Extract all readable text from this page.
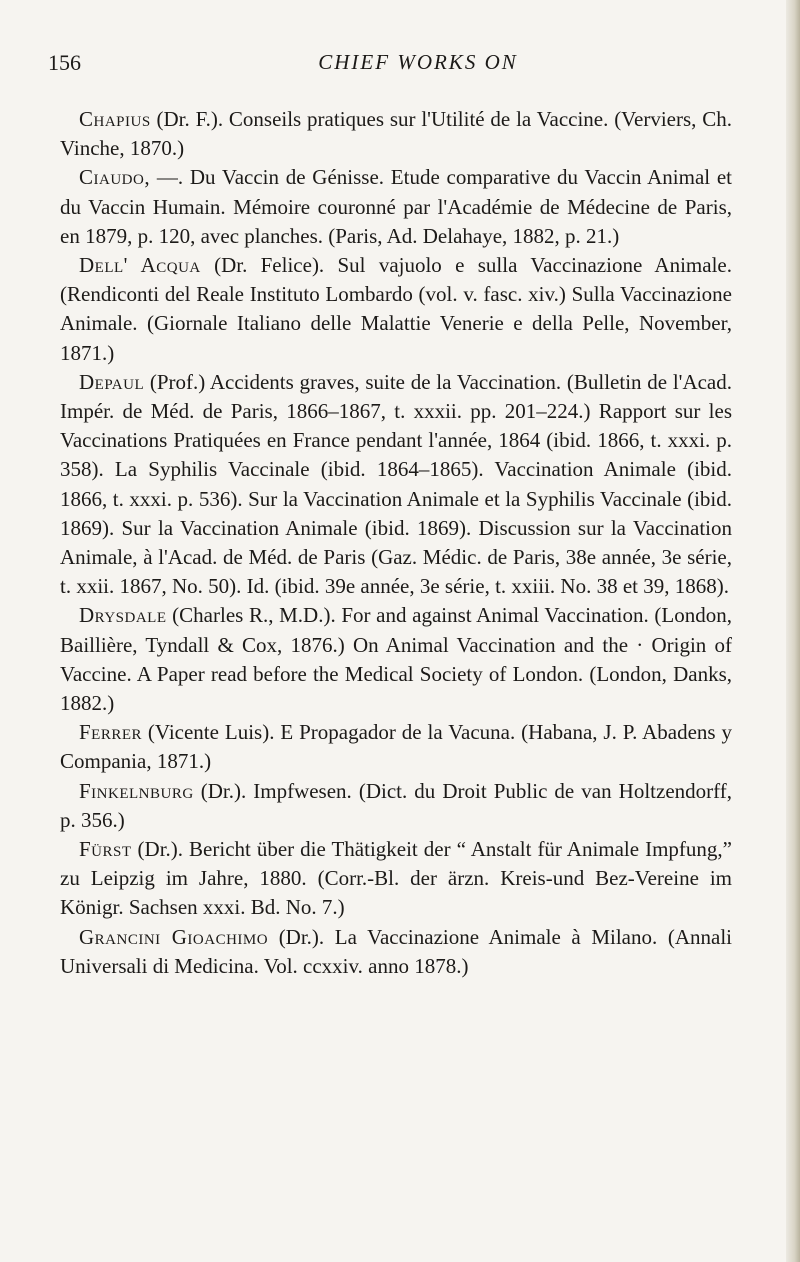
156	CHIEF WORKS ON

Chapius (Dr. F.). Conseils pratiques sur l'Utilité de la Vaccine. (Verviers, Ch. Vinche, 1870.)

Ciaudo, —. Du Vaccin de Génisse. Etude comparative du Vaccin Animal et du Vaccin Humain. Mémoire couronné par l'Académie de Médecine de Paris, en 1879, p. 120, avec planches. (Paris, Ad. Delahaye, 1882, p. 21.)

Dell' Acqua (Dr. Felice). Sul vajuolo e sulla Vaccinazione Animale. (Rendiconti del Reale Instituto Lombardo (vol. v. fasc. xiv.) Sulla Vaccinazione Animale. (Giornale Italiano delle Malattie Venerie e della Pelle, November, 1871.)

Depaul (Prof.) Accidents graves, suite de la Vaccination. (Bulletin de l'Acad. Impér. de Méd. de Paris, 1866–1867, t. xxxii. pp. 201–224.) Rapport sur les Vaccinations Pratiquées en France pendant l'année, 1864 (ibid. 1866, t. xxxi. p. 358). La Syphilis Vaccinale (ibid. 1864–1865). Vaccination Animale (ibid. 1866, t. xxxi. p. 536). Sur la Vaccination Animale et la Syphilis Vaccinale (ibid. 1869). Sur la Vaccination Animale (ibid. 1869). Discussion sur la Vaccination Animale, à l'Acad. de Méd. de Paris (Gaz. Médic. de Paris, 38e année, 3e série, t. xxii. 1867, No. 50). Id. (ibid. 39e année, 3e série, t. xxiii. No. 38 et 39, 1868).

Drysdale (Charles R., M.D.). For and against Animal Vaccination. (London, Baillière, Tyndall & Cox, 1876.) On Animal Vaccination and the · Origin of Vaccine. A Paper read before the Medical Society of London. (London, Danks, 1882.)

Ferrer (Vicente Luis). E Propagador de la Vacuna. (Habana, J. P. Abadens y Compania, 1871.)

Finkelnburg (Dr.). Impfwesen. (Dict. du Droit Public de van Holtzendorff, p. 356.)

Fürst (Dr.). Bericht über die Thätigkeit der “ Anstalt für Animale Impfung,” zu Leipzig im Jahre, 1880. (Corr.-Bl. der ärzn. Kreis-und Bez-Vereine im Königr. Sachsen xxxi. Bd. No. 7.)

Grancini Gioachimo (Dr.). La Vaccinazione Animale à Milano. (Annali Universali di Medicina. Vol. ccxxiv. anno 1878.)
